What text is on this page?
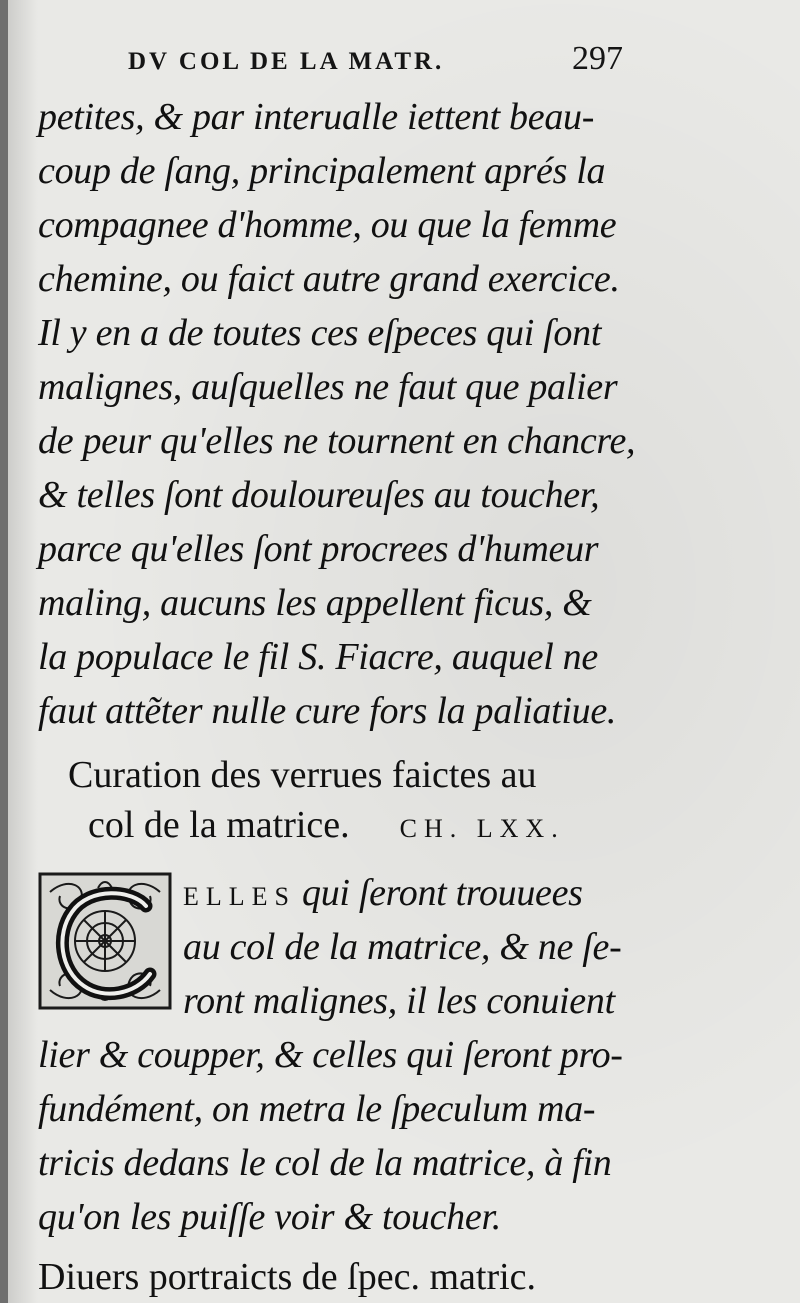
DV COL DE LA MATR.	297
petites, & par interualle iettent beau-
coup de ſang, principalement aprés la
compagnee d'homme, ou que la femme
chemine, ou faict autre grand exercice.
Il y en a de toutes ces eſpeces qui ſont
malignes, auſquelles ne faut que palier
de peur qu'elles ne tournent en chancre,
& telles ſont douloureuſes au toucher,
parce qu'elles ſont procrees d'humeur
maling, aucuns les appellent ficus, &
la populace le fil S. Fiacre, auquel ne
faut attẽter nulle cure fors la paliatiue.
Curation des verrues faictes au
col de la matrice. CH. LXX.
ELLES qui ſeront trouuees
au col de la matrice, & ne ſe-
ront malignes, il les conuient
lier & coupper, & celles qui ſeront pro-
fundément, on metra le ſpeculum ma-
tricis dedans le col de la matrice, à fin
qu'on les puiſſe voir & toucher.
Diuers portraicts de ſpec. matric.
